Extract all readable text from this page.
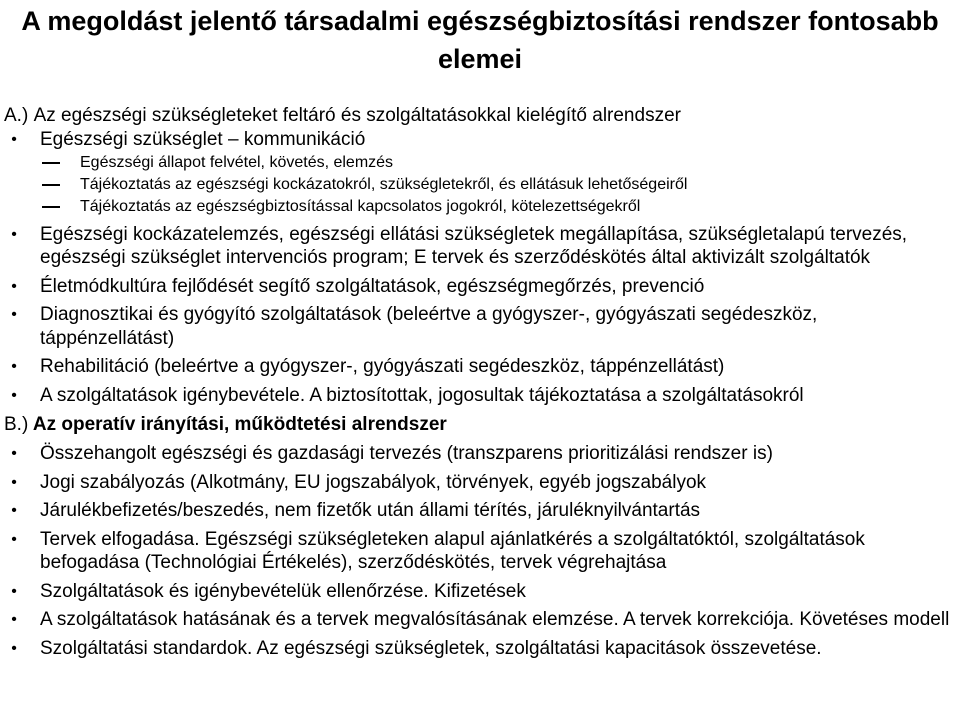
A megoldást jelentő társadalmi egészségbiztosítási rendszer fontosabb elemei
A.) Az egészségi szükségleteket feltáró és szolgáltatásokkal kielégítő alrendszer
•	Egészségi szükséglet – kommunikáció
Egészségi állapot felvétel, követés, elemzés
Tájékoztatás az egészségi kockázatokról, szükségletekről, és ellátásuk lehetőségeiről
Tájékoztatás az egészségbiztosítással kapcsolatos jogokról, kötelezettségekről
•	Egészségi kockázatelemzés, egészségi ellátási szükségletek megállapítása, szükségletalapú tervezés, egészségi szükséglet intervenciós program; E tervek és szerződéskötés által aktivizált szolgáltatók
•	Életmódkultúra fejlődését segítő szolgáltatások, egészségmegőrzés, prevenció
•	Diagnosztikai és gyógyító szolgáltatások (beleértve a gyógyszer-, gyógyászati segédeszköz, táppénzellátást)
•	Rehabilitáció (beleértve a gyógyszer-, gyógyászati segédeszköz, táppénzellátást)
•	A szolgáltatások igénybevétele. A biztosítottak, jogosultak tájékoztatása a szolgáltatásokról
B.) Az operatív irányítási, működtetési alrendszer
•	Összehangolt egészségi és gazdasági tervezés (transzparens prioritizálási rendszer is)
•	Jogi szabályozás (Alkotmány, EU jogszabályok, törvények, egyéb jogszabályok
•	Járulékbefizetés/beszedés, nem fizetők után állami térítés, járuléknyilvántartás
•	Tervek elfogadása. Egészségi szükségleteken alapul ajánlatkérés a szolgáltatóktól, szolgáltatások befogadása (Technológiai Értékelés), szerződéskötés, tervek végrehajtása
•	Szolgáltatások és igénybevételük ellenőrzése. Kifizetések
•	A szolgáltatások hatásának és a tervek megvalósításának elemzése. A tervek korrekciója. Követéses modell
•	Szolgáltatási standardok. Az egészségi szükségletek, szolgáltatási kapacitások összevetése.
